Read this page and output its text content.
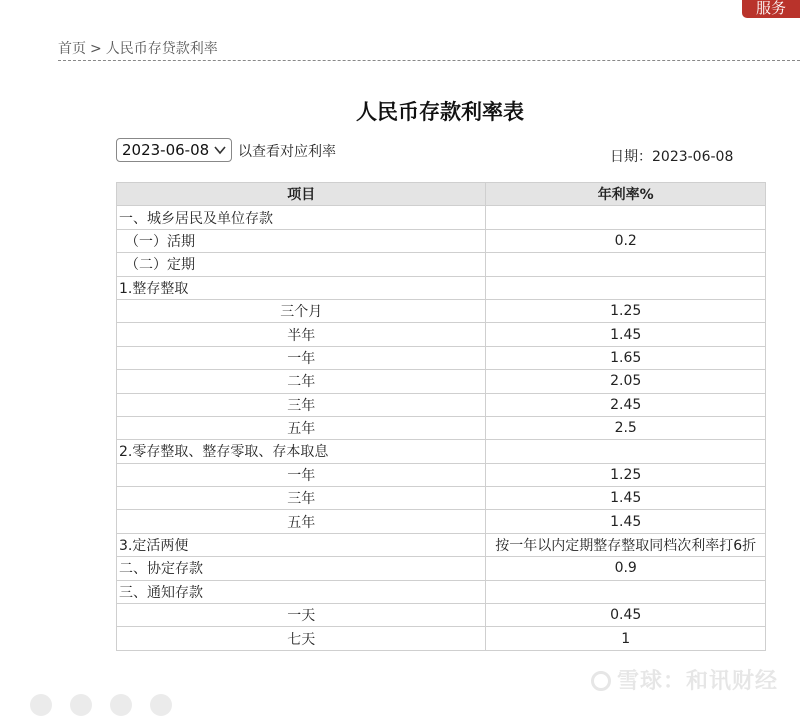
服务
首页 > 人民币存贷款利率
人民币存款利率表
2023-06-08	以查看对应利率	日期：2023-06-08
项目	年利率%
一、城乡居民及单位存款	
（一）活期	0.2
（二）定期	
1.整存整取	
三个月	1.25
半年	1.45
一年	1.65
二年	2.05
三年	2.45
五年	2.5
2.零存整取、整存零取、存本取息	
一年	1.25
三年	1.45
五年	1.45
3.定活两便	按一年以内定期整存整取同档次利率打6折
二、协定存款	0.9
三、通知存款	
一天	0.45
七天	1
雪球：和讯财经
